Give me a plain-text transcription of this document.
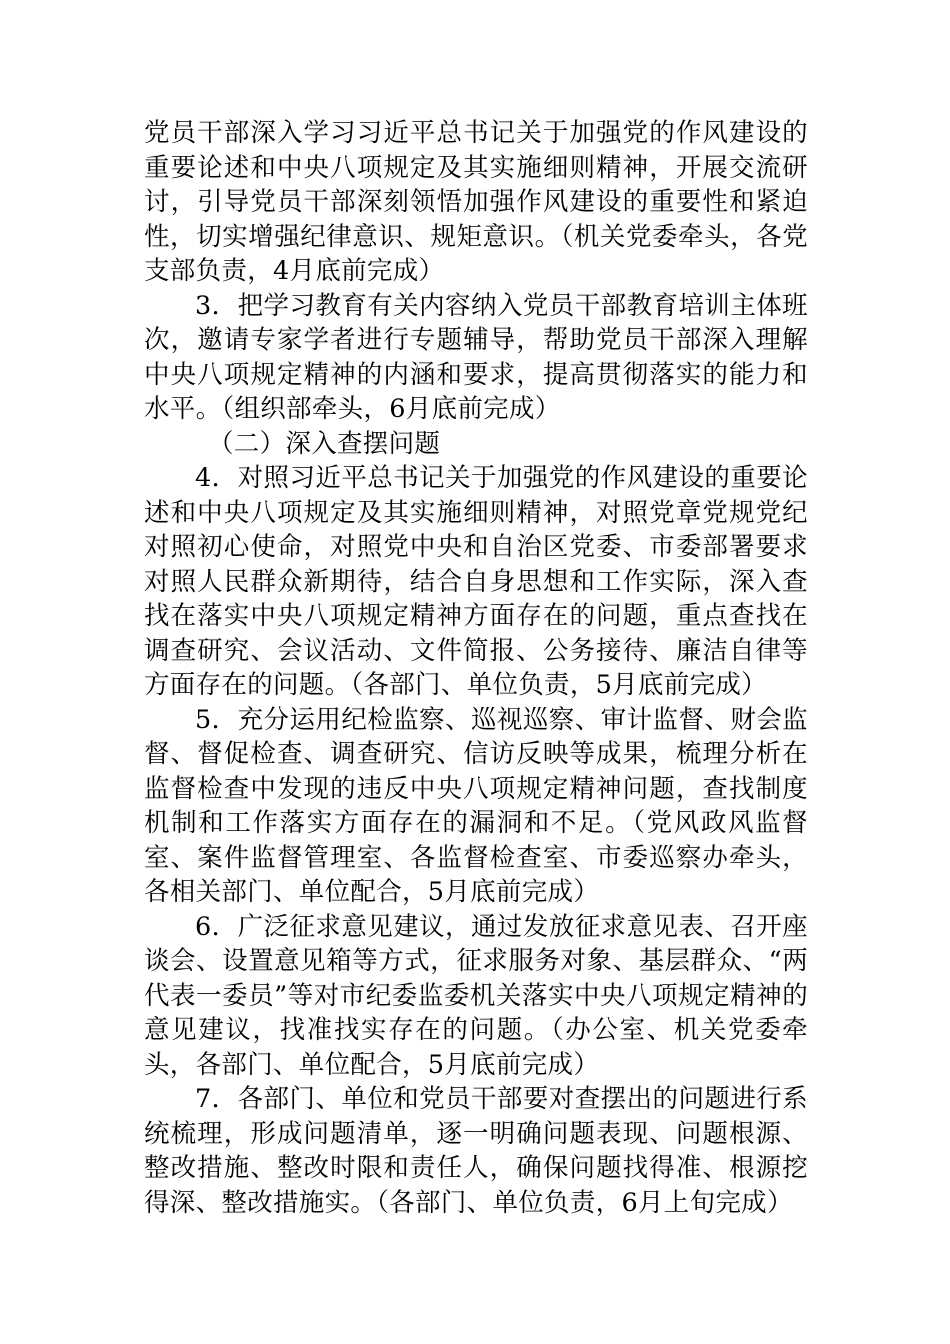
党员干部深入学习习近平总书记关于加强党的作风建设的重要论述和中央八项规定及其实施细则精神，开展交流研讨，引导党员干部深刻领悟加强作风建设的重要性和紧迫性，切实增强纪律意识、规矩意识。（机关党委牵头，各党支部负责，4月底前完成）

3．把学习教育有关内容纳入党员干部教育培训主体班次，邀请专家学者进行专题辅导，帮助党员干部深入理解中央八项规定精神的内涵和要求，提高贯彻落实的能力和水平。（组织部牵头，6月底前完成）

（二）深入查摆问题

4．对照习近平总书记关于加强党的作风建设的重要论述和中央八项规定及其实施细则精神，对照党章党规党纪对照初心使命，对照党中央和自治区党委、市委部署要求对照人民群众新期待，结合自身思想和工作实际，深入查找在落实中央八项规定精神方面存在的问题，重点查找在调查研究、会议活动、文件简报、公务接待、廉洁自律等方面存在的问题。（各部门、单位负责，5月底前完成）

5．充分运用纪检监察、巡视巡察、审计监督、财会监督、督促检查、调查研究、信访反映等成果，梳理分析在监督检查中发现的违反中央八项规定精神问题，查找制度机制和工作落实方面存在的漏洞和不足。（党风政风监督室、案件监督管理室、各监督检查室、市委巡察办牵头，各相关部门、单位配合，5月底前完成）

6．广泛征求意见建议，通过发放征求意见表、召开座谈会、设置意见箱等方式，征求服务对象、基层群众、“两代表一委员”等对市纪委监委机关落实中央八项规定精神的意见建议，找准找实存在的问题。（办公室、机关党委牵头，各部门、单位配合，5月底前完成）

7．各部门、单位和党员干部要对查摆出的问题进行系统梳理，形成问题清单，逐一明确问题表现、问题根源、整改措施、整改时限和责任人，确保问题找得准、根源挖得深、整改措施实。（各部门、单位负责，6月上旬完成）
